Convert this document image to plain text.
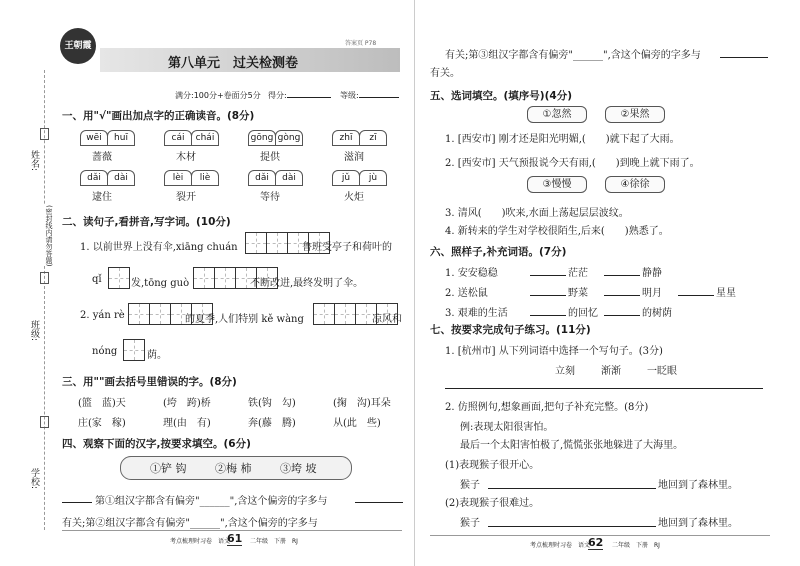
姓名:
(密封线内请勿答题)
班级:
学校:
王朝霞
第八单元　过关检测卷
满分:100分+卷面分5分 得分:	等级:
一、用"√"画出加点字的正确读音。(8分)
wēi	huī
蔷薇
cái	chái
木材
gōng gòng
提供
zhī	zī
滋润
dǎi	dài
逮住
lèi	liè
裂开
dǎi	dài
等待
jǔ	jù
火炬
二、读句子,看拼音,写字词。(10分)
1. 以前世界上没有伞,xiāng chuán	鲁班受亭子和荷叶的
qǐ	发,tōng guò	不断改进,最终发明了伞。
2. yán rè	的夏季,人们特别 kě wàng	凉风和
nóng	荫。
三、用""画去括号里错误的字。(8分)
(篮　蓝)天	(垮　跨)桥	铁(钩　勾)	(掬　沟)耳朵
庄(家　稼)	理(由　有)	奔(藤　腾)	从(此　些)
四、观察下面的汉字,按要求填空。(6分)
①铲 钩	②梅 柿	③垮 坡
第①组汉字都含有偏旁"______",含这个偏旁的字多与
有关;第②组汉字都含有偏旁"______",含这个偏旁的字多与
考点梳理时习卷　语文
61 二年级　下册　RJ
答案页 P78
有关;第③组汉字都含有偏旁"______",含这个偏旁的字多与
有关。
五、选词填空。(填序号)(4分)
①忽然	②果然
1. [西安市] 刚才还是阳光明媚,(　　)就下起了大雨。
2. [西安市] 天气预报说今天有雨,(　　)到晚上就下雨了。
③慢慢	④徐徐
3. 清风(　　)吹来,水面上荡起层层波纹。
4. 新转来的学生对学校很陌生,后来(　　)熟悉了。
六、照样子,补充词语。(7分)
1. 安安稳稳	茫茫	静静
2. 送松鼠	野菜	明月	星星
3. 艰难的生活	的回忆	的树荫
七、按要求完成句子练习。(11分)
1. [杭州市] 从下列词语中选择一个写句子。(3分)
立刻	渐渐	一眨眼
2. 仿照例句,想象画面,把句子补充完整。(8分)
例:表现太阳很害怕。
最后一个太阳害怕极了,慌慌张张地躲进了大海里。
(1)表现猴子很开心。
猴子	地回到了森林里。
(2)表现猴子很难过。
猴子	地回到了森林里。
考点梳理时习卷　语文
62 二年级　下册　RJ
